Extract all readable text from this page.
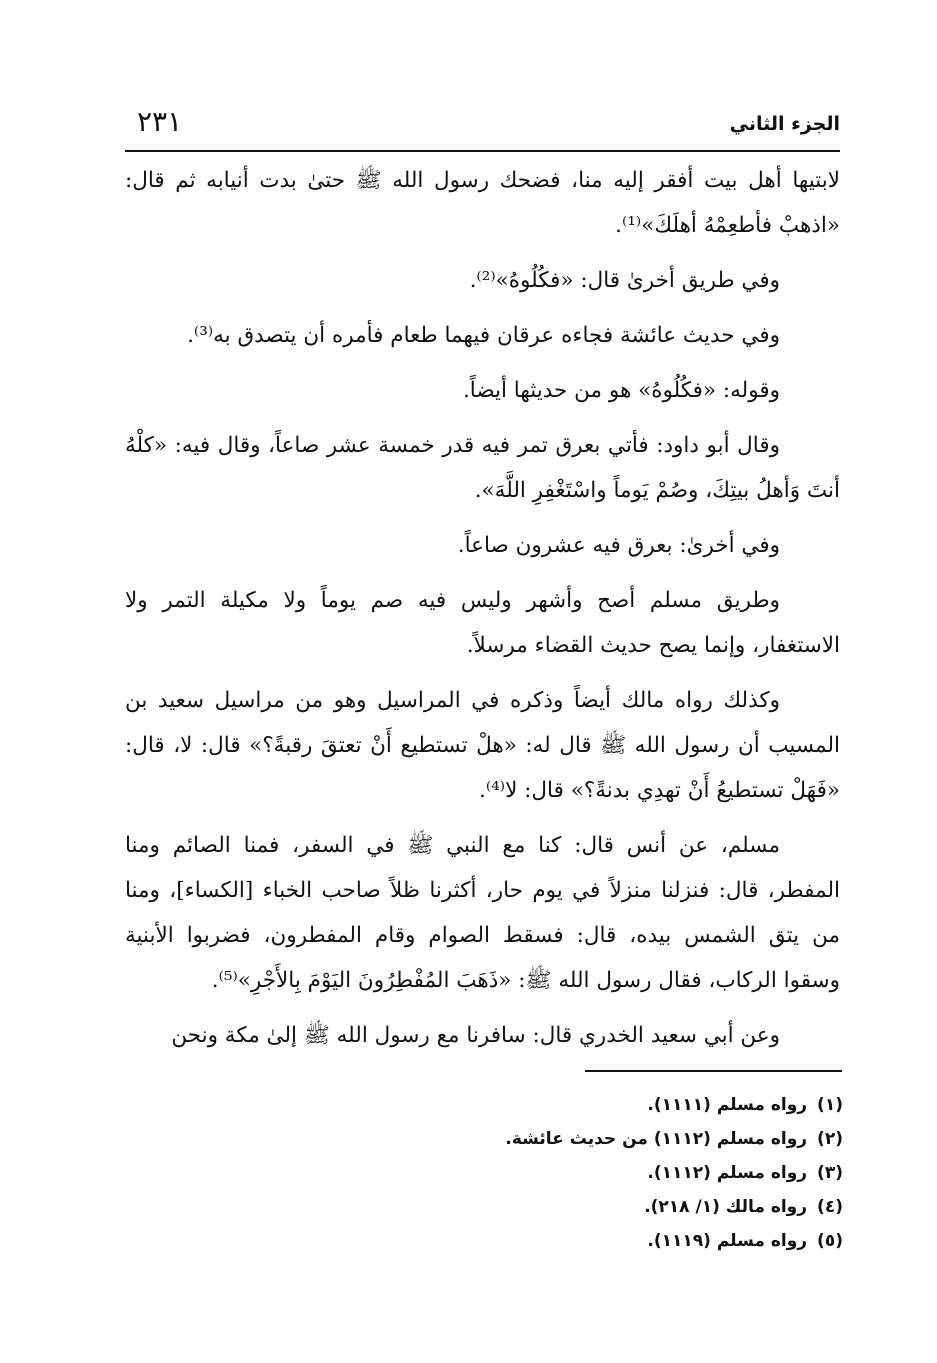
الجزء الثاني
٢٣١

لابتيها أهل بيت أفقر إليه منا، فضحك رسول الله ﷺ حتىٰ بدت أنيابه ثم قال: «اذهبْ فأطعِمْهُ أهلَكَ»⁽¹⁾.

وفي طريق أخرىٰ قال: «فكُلُوهُ»⁽²⁾.

وفي حديث عائشة فجاءه عرقان فيهما طعام فأمره أن يتصدق به⁽³⁾.

وقوله: «فكُلُوهُ» هو من حديثها أيضاً.

وقال أبو داود: فأتي بعرق تمر فيه قدر خمسة عشر صاعاً، وقال فيه: «كلْهُ أنتَ وَأهلُ بيتِكَ، وصُمْ يَوماً واسْتَغْفِرِ اللَّهَ».

وفي أخرىٰ: بعرق فيه عشرون صاعاً.

وطريق مسلم أصح وأشهر وليس فيه صم يوماً ولا مكيلة التمر ولا الاستغفار، وإنما يصح حديث القضاء مرسلاً.

وكذلك رواه مالك أيضاً وذكره في المراسيل وهو من مراسيل سعيد بن المسيب أن رسول الله ﷺ قال له: «هلْ تستطيع أَنْ تعتقَ رقبةً؟» قال: لا، قال: «فَهَلْ تستطيعُ أَنْ تهدِي بدنةً؟» قال: لا⁽⁴⁾.

مسلم، عن أنس قال: كنا مع النبي ﷺ في السفر، فمنا الصائم ومنا المفطر، قال: فنزلنا منزلاً في يوم حار، أكثرنا ظلاً صاحب الخباء [الكساء]، ومنا من يتق الشمس بيده، قال: فسقط الصوام وقام المفطرون، فضربوا الأبنية وسقوا الركاب، فقال رسول الله ﷺ: «ذَهَبَ المُفْطِرُونَ اليَوْمَ بِالأَجْرِ»⁽⁵⁾.

وعن أبي سعيد الخدري قال: سافرنا مع رسول الله ﷺ إلىٰ مكة ونحن

(١)رواه مسلم (١١١١).

(٢)رواه مسلم (١١١٢) من حديث عائشة.

(٣)رواه مسلم (١١١٢).

(٤)رواه مالك (١/ ٢١٨).

(٥)رواه مسلم (١١١٩).
